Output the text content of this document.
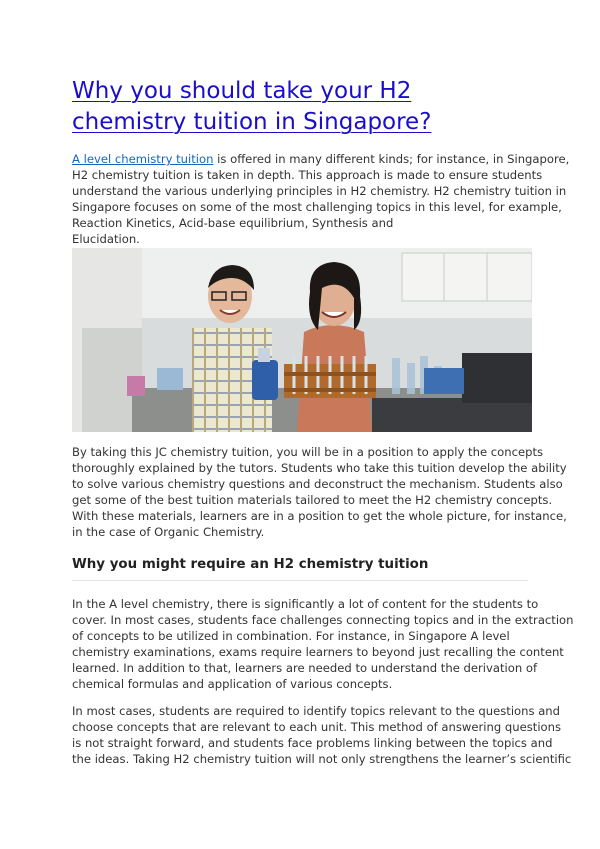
Why you should take your H2
chemistry tuition in Singapore?

A level chemistry tuition is offered in many different kinds; for instance, in Singapore,
H2 chemistry tuition is taken in depth. This approach is made to ensure students
understand the various underlying principles in H2 chemistry. H2 chemistry tuition in
Singapore focuses on some of the most challenging topics in this level, for example,
Reaction Kinetics, Acid-base equilibrium, Synthesis and
Elucidation.

By taking this JC chemistry tuition, you will be in a position to apply the concepts
thoroughly explained by the tutors. Students who take this tuition develop the ability
to solve various chemistry questions and deconstruct the mechanism. Students also
get some of the best tuition materials tailored to meet the H2 chemistry concepts.
With these materials, learners are in a position to get the whole picture, for instance,
in the case of Organic Chemistry.

Why you might require an H2 chemistry tuition

In the A level chemistry, there is significantly a lot of content for the students to
cover. In most cases, students face challenges connecting topics and in the extraction
of concepts to be utilized in combination. For instance, in Singapore A level
chemistry examinations, exams require learners to beyond just recalling the content
learned. In addition to that, learners are needed to understand the derivation of
chemical formulas and application of various concepts.

In most cases, students are required to identify topics relevant to the questions and
choose concepts that are relevant to each unit. This method of answering questions
is not straight forward, and students face problems linking between the topics and
the ideas. Taking H2 chemistry tuition will not only strengthens the learner’s scientific
